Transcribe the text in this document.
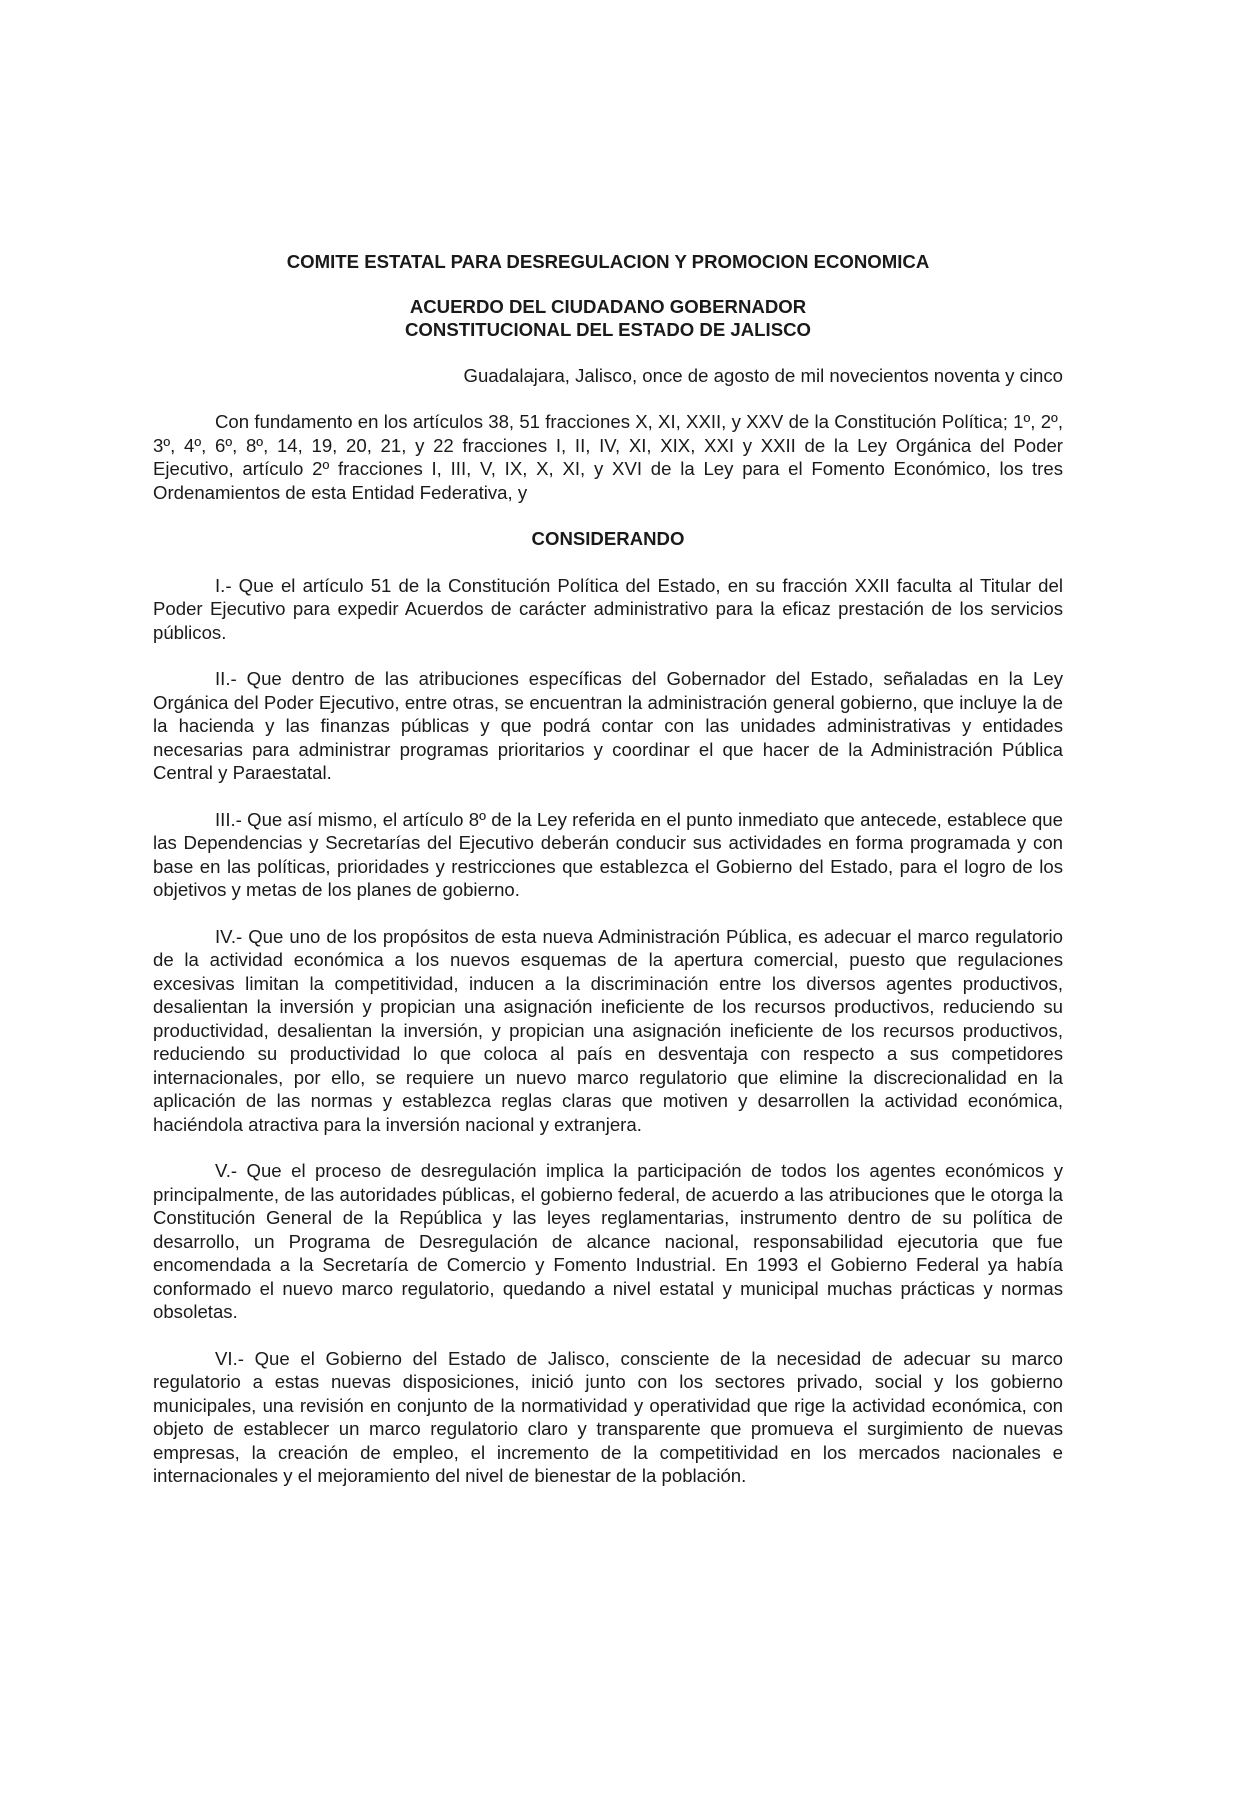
COMITE ESTATAL PARA DESREGULACION Y PROMOCION ECONOMICA

ACUERDO DEL CIUDADANO GOBERNADOR

CONSTITUCIONAL DEL ESTADO DE JALISCO

Guadalajara, Jalisco, once de agosto de mil novecientos noventa y cinco

Con fundamento en los artículos 38, 51 fracciones X, XI, XXII, y XXV de la Constitución Política; 1º, 2º, 3º, 4º, 6º, 8º, 14, 19, 20, 21, y 22 fracciones I, II, IV, XI, XIX, XXI y XXII de la Ley Orgánica del Poder Ejecutivo, artículo 2º fracciones I, III, V, IX, X, XI, y XVI de la Ley para el Fomento Económico, los tres Ordenamientos de esta Entidad Federativa, y

CONSIDERANDO

I.- Que el artículo 51 de la Constitución Política del Estado, en su fracción XXII faculta al Titular del Poder Ejecutivo para expedir Acuerdos de carácter administrativo para la eficaz prestación de los servicios públicos.

II.- Que dentro de las atribuciones específicas del Gobernador del Estado, señaladas en la Ley Orgánica del Poder Ejecutivo, entre otras, se encuentran la administración general gobierno, que incluye la de la hacienda y las finanzas públicas y que podrá contar con las unidades administrativas y entidades necesarias para administrar programas prioritarios y coordinar el que hacer de la Administración Pública Central y Paraestatal.

III.- Que así mismo, el artículo 8º de la Ley referida en el punto inmediato que antecede, establece que las Dependencias y Secretarías del Ejecutivo deberán conducir sus actividades en forma programada y con base en las políticas, prioridades y restricciones que establezca el Gobierno del Estado, para el logro de los objetivos y metas de los planes de gobierno.

IV.- Que uno de los propósitos de esta nueva Administración Pública, es adecuar el marco regulatorio de la actividad económica a los nuevos esquemas de la apertura comercial, puesto que regulaciones excesivas limitan la competitividad, inducen a la discriminación entre los diversos agentes productivos, desalientan la inversión y propician una asignación ineficiente de los recursos productivos, reduciendo su productividad, desalientan la inversión, y propician una asignación ineficiente de los recursos productivos, reduciendo su productividad lo que coloca al país en desventaja con respecto a sus competidores internacionales, por ello, se requiere un nuevo marco regulatorio que elimine la discrecionalidad en la aplicación de las normas y establezca reglas claras que motiven y desarrollen la actividad económica, haciéndola atractiva para la inversión nacional y extranjera.

V.- Que el proceso de desregulación implica la participación de todos los agentes económicos y principalmente, de las autoridades públicas, el gobierno federal, de acuerdo a las atribuciones que le otorga la Constitución General de la República y las leyes reglamentarias, instrumento dentro de su política de desarrollo, un Programa de Desregulación de alcance nacional, responsabilidad ejecutoria que fue encomendada a la Secretaría de Comercio y Fomento Industrial. En 1993 el Gobierno Federal ya había conformado el nuevo marco regulatorio, quedando a nivel estatal y municipal muchas prácticas y normas obsoletas.

VI.- Que el Gobierno del Estado de Jalisco, consciente de la necesidad de adecuar su marco regulatorio a estas nuevas disposiciones, inició junto con los sectores privado, social y los gobierno municipales, una revisión en conjunto de la normatividad y operatividad que rige la actividad económica, con objeto de establecer un marco regulatorio claro y transparente que promueva el surgimiento de nuevas empresas, la creación de empleo, el incremento de la competitividad en los mercados nacionales e internacionales y el mejoramiento del nivel de bienestar de la población.
